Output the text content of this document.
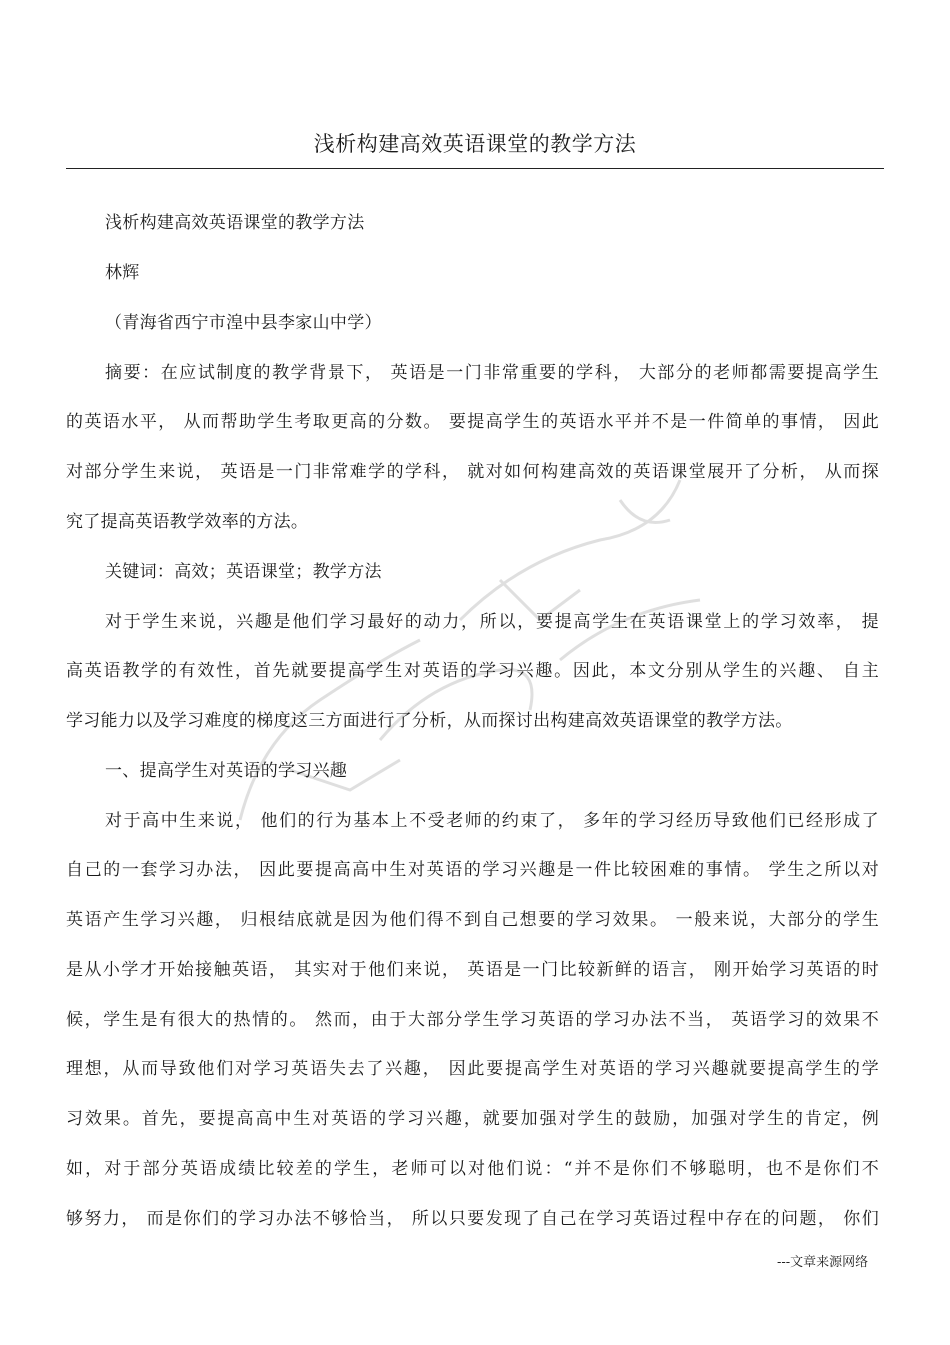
浅析构建高效英语课堂的教学方法
浅析构建高效英语课堂的教学方法
林辉
（青海省西宁市湟中县李家山中学）
摘要：在应试制度的教学背景下， 英语是一门非常重要的学科， 大部分的老师都需要提高学生
的英语水平， 从而帮助学生考取更高的分数。 要提高学生的英语水平并不是一件简单的事情， 因此
对部分学生来说， 英语是一门非常难学的学科， 就对如何构建高效的英语课堂展开了分析， 从而探
究了提高英语教学效率的方法。
关键词：高效；英语课堂；教学方法
对于学生来说，兴趣是他们学习最好的动力，所以，要提高学生在英语课堂上的学习效率， 提
高英语教学的有效性，首先就要提高学生对英语的学习兴趣。因此，本文分别从学生的兴趣、 自主
学习能力以及学习难度的梯度这三方面进行了分析，从而探讨出构建高效英语课堂的教学方法。
一、提高学生对英语的学习兴趣
对于高中生来说， 他们的行为基本上不受老师的约束了， 多年的学习经历导致他们已经形成了
自己的一套学习办法， 因此要提高高中生对英语的学习兴趣是一件比较困难的事情。 学生之所以对
英语产生学习兴趣， 归根结底就是因为他们得不到自己想要的学习效果。 一般来说，大部分的学生
是从小学才开始接触英语， 其实对于他们来说， 英语是一门比较新鲜的语言， 刚开始学习英语的时
候，学生是有很大的热情的。 然而，由于大部分学生学习英语的学习办法不当， 英语学习的效果不
理想，从而导致他们对学习英语失去了兴趣， 因此要提高学生对英语的学习兴趣就要提高学生的学
习效果。首先，要提高高中生对英语的学习兴趣，就要加强对学生的鼓励，加强对学生的肯定，例
如，对于部分英语成绩比较差的学生，老师可以对他们说：“并不是你们不够聪明，也不是你们不
够努力， 而是你们的学习办法不够恰当， 所以只要发现了自己在学习英语过程中存在的问题， 你们
---文章来源网络
